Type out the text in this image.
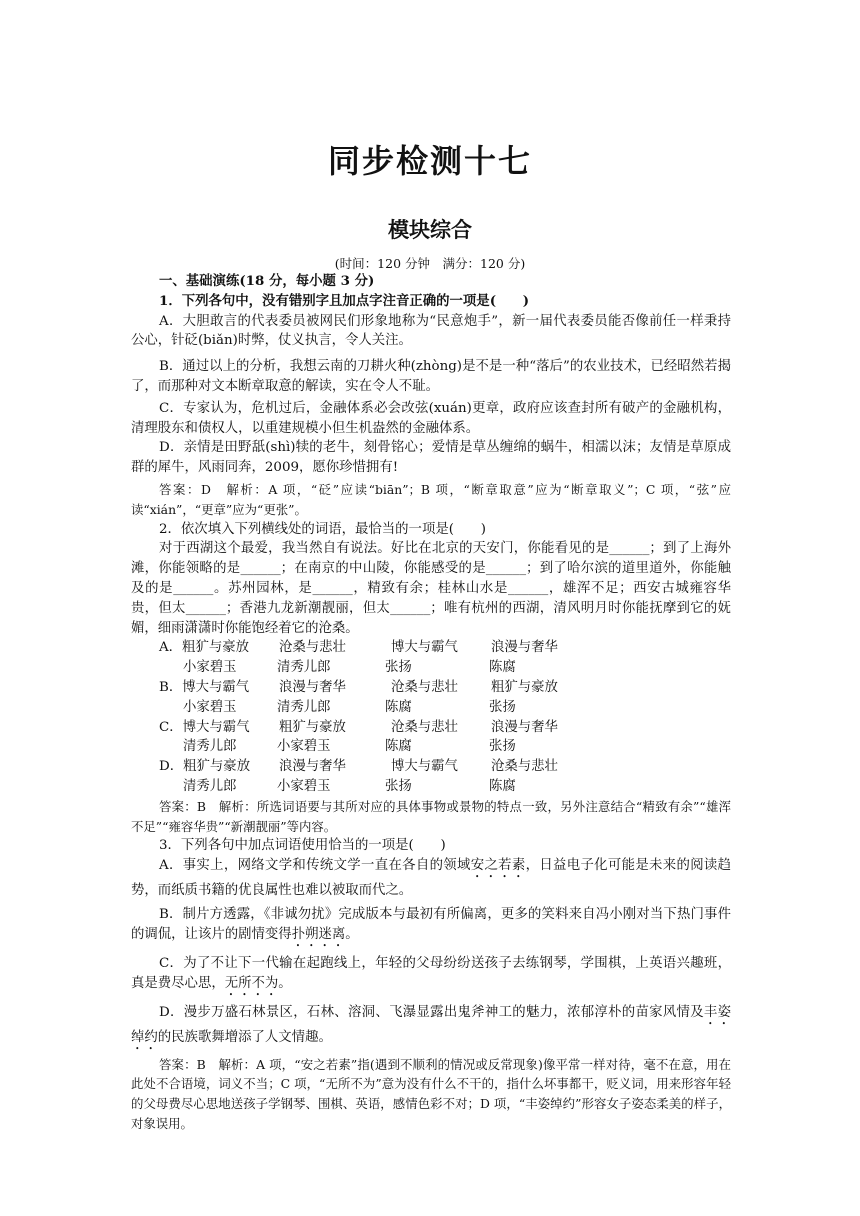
同步检测十七
模块综合
(时间：120 分钟　满分：120 分)

一、基础演练(18 分，每小题 3 分)

1．下列各句中，没有错别字且加点字注音正确的一项是(　　)

A．大胆敢言的代表委员被网民们形象地称为“民意炮手”，新一届代表委员能否像前任一样秉持公心，针砭(biǎn)时弊，仗义执言，令人关注。

B．通过以上的分析，我想云南的刀耕火种(zhòng)是不是一种“落后”的农业技术，已经昭然若揭了，而那种对文本断章取意的解读，实在令人不耻。

C．专家认为，危机过后，金融体系必会改弦(xuán)更章，政府应该查封所有破产的金融机构，清理股东和债权人，以重建规模小但生机盎然的金融体系。

D．亲情是田野舐(shì)犊的老牛，刻骨铭心；爱情是草丛缠绵的蜗牛，相濡以沫；友情是草原成群的犀牛，风雨同奔，2009，愿你珍惜拥有!

答案：D　解析：A 项，“砭”应读“biān”；B 项，“断章取意”应为“断章取义”；C 项，“弦”应读“xián”，“更章”应为“更张”。

2．依次填入下列横线处的词语，最恰当的一项是(　　)

对于西湖这个最爱，我当然自有说法。好比在北京的天安门，你能看见的是______；到了上海外滩，你能领略的是______；在南京的中山陵，你能感受的是______；到了哈尔滨的道里道外，你能触及的是______。苏州园林，是______，精致有余；桂林山水是______，雄浑不足；西安古城雍容华贵，但太______；香港九龙新潮靓丽，但太______；唯有杭州的西湖，清风明月时你能抚摩到它的妩媚，细雨潇潇时你能饱经着它的沧桑。

A．粗犷与豪放	沧桑与悲壮	博大与霸气	浪漫与奢华
小家碧玉	清秀儿郎	张扬	陈腐
B．博大与霸气	浪漫与奢华	沧桑与悲壮	粗犷与豪放
小家碧玉	清秀儿郎	陈腐	张扬
C．博大与霸气	粗犷与豪放	沧桑与悲壮	浪漫与奢华
清秀儿郎	小家碧玉	陈腐	张扬
D．粗犷与豪放	浪漫与奢华	博大与霸气	沧桑与悲壮
清秀儿郎	小家碧玉	张扬	陈腐

答案：B　解析：所选词语要与其所对应的具体事物或景物的特点一致，另外注意结合“精致有余”“雄浑不足”“雍容华贵”“新潮靓丽”等内容。

3．下列各句中加点词语使用恰当的一项是(　　)

A．事实上，网络文学和传统文学一直在各自的领域安之若素，日益电子化可能是未来的阅读趋势，而纸质书籍的优良属性也难以被取而代之。

B．制片方透露，《非诚勿扰》完成版本与最初有所偏离，更多的笑料来自冯小刚对当下热门事件的调侃，让该片的剧情变得扑朔迷离。

C．为了不让下一代输在起跑线上，年轻的父母纷纷送孩子去练钢琴，学围棋，上英语兴趣班，真是费尽心思，无所不为。

D．漫步万盛石林景区，石林、溶洞、飞瀑显露出鬼斧神工的魅力，浓郁淳朴的苗家风情及丰姿绰约的民族歌舞增添了人文情趣。

答案：B　解析：A 项，“安之若素”指(遇到不顺利的情况或反常现象)像平常一样对待，毫不在意，用在此处不合语境，词义不当；C 项，“无所不为”意为没有什么不干的，指什么坏事都干，贬义词，用来形容年轻的父母费尽心思地送孩子学钢琴、围棋、英语，感情色彩不对；D 项，“丰姿绰约”形容女子姿态柔美的样子，对象误用。
